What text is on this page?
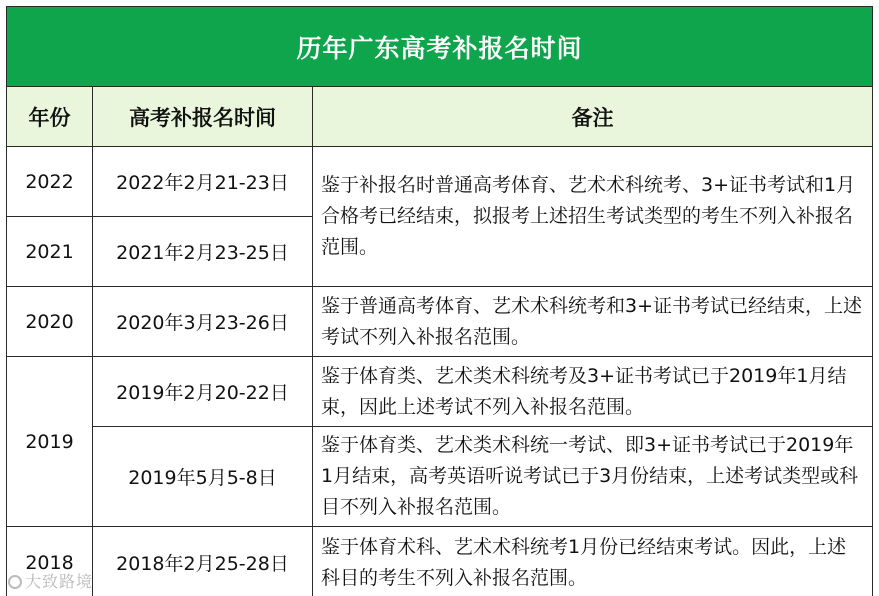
历年广东高考补报名时间		
年份	高考补报名时间	备注
2022	2022年2月21-23日	鉴于补报名时普通高考体育、艺术术科统考、3+证书考试和1月合格考已经结束，拟报考上述招生考试类型的考生不列入补报名范围。
2021	2021年2月23-25日	
2020	2020年3月23-26日	鉴于普通高考体育、艺术术科统考和3+证书考试已经结束，上述考试不列入补报名范围。
2019	2019年2月20-22日	鉴于体育类、艺术类术科统考及3+证书考试已于2019年1月结束，因此上述考试不列入补报名范围。
	2019年5月5-8日	鉴于体育类、艺术类术科统一考试、即3+证书考试已于2019年1月结束，高考英语听说考试已于3月份结束，上述考试类型或科目不列入补报名范围。
2018	2018年2月25-28日	鉴于体育术科、艺术术科统考1月份已经结束考试。因此，上述科目的考生不列入补报名范围。
大致路境
